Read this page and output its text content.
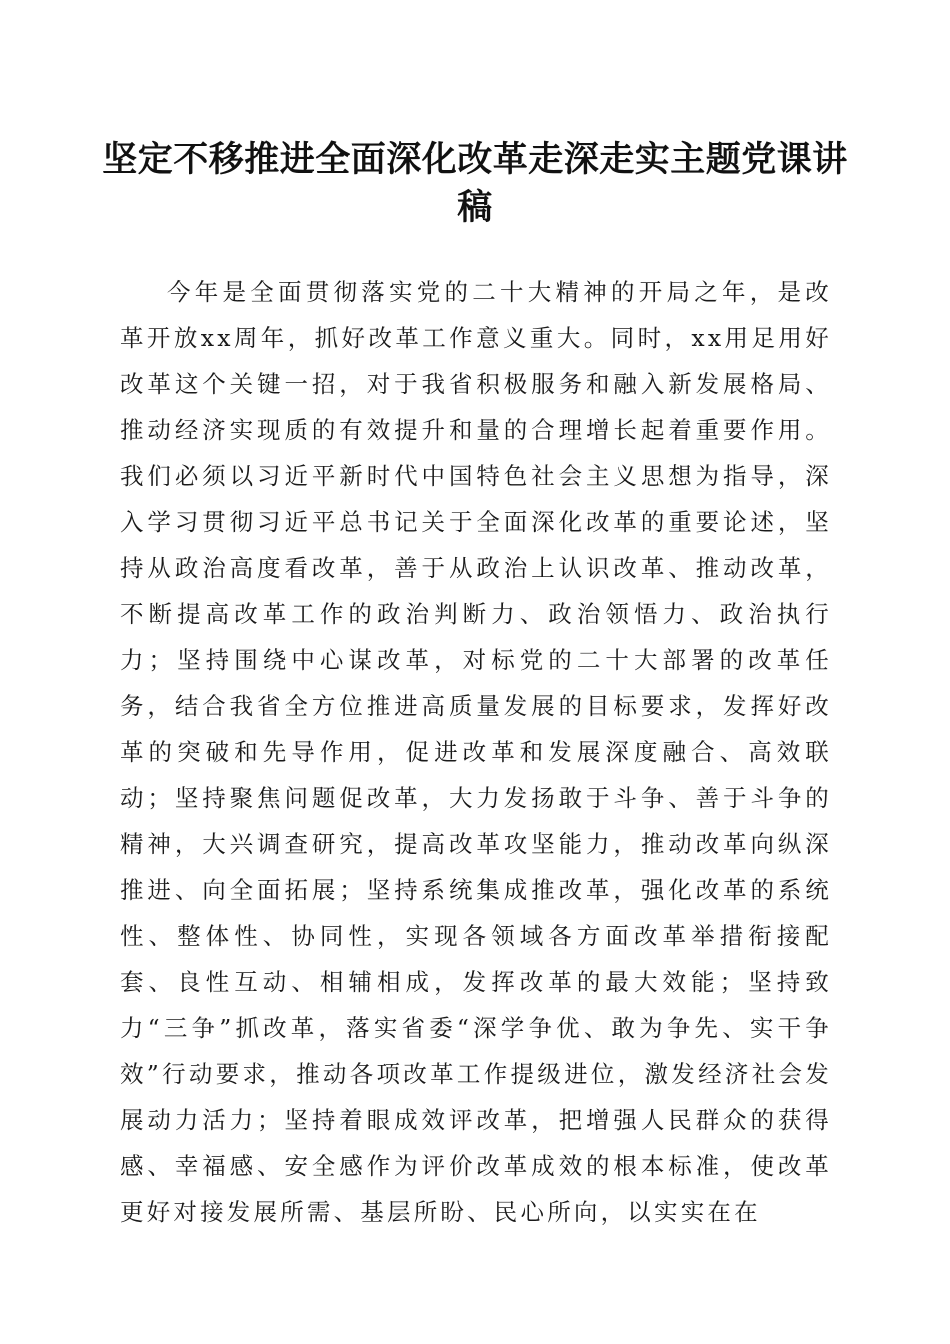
坚定不移推进全面深化改革走深走实主题党课讲稿

今年是全面贯彻落实党的二十大精神的开局之年，是改革开放xx周年，抓好改革工作意义重大。同时，xx用足用好改革这个关键一招，对于我省积极服务和融入新发展格局、推动经济实现质的有效提升和量的合理增长起着重要作用。我们必须以习近平新时代中国特色社会主义思想为指导，深入学习贯彻习近平总书记关于全面深化改革的重要论述，坚持从政治高度看改革，善于从政治上认识改革、推动改革，不断提高改革工作的政治判断力、政治领悟力、政治执行力；坚持围绕中心谋改革，对标党的二十大部署的改革任务，结合我省全方位推进高质量发展的目标要求，发挥好改革的突破和先导作用，促进改革和发展深度融合、高效联动；坚持聚焦问题促改革，大力发扬敢于斗争、善于斗争的精神，大兴调查研究，提高改革攻坚能力，推动改革向纵深推进、向全面拓展；坚持系统集成推改革，强化改革的系统性、整体性、协同性，实现各领域各方面改革举措衔接配套、良性互动、相辅相成，发挥改革的最大效能；坚持致力“三争”抓改革，落实省委“深学争优、敢为争先、实干争效”行动要求，推动各项改革工作提级进位，激发经济社会发展动力活力；坚持着眼成效评改革，把增强人民群众的获得感、幸福感、安全感作为评价改革成效的根本标准，使改革更好对接发展所需、基层所盼、民心所向，以实实在在
